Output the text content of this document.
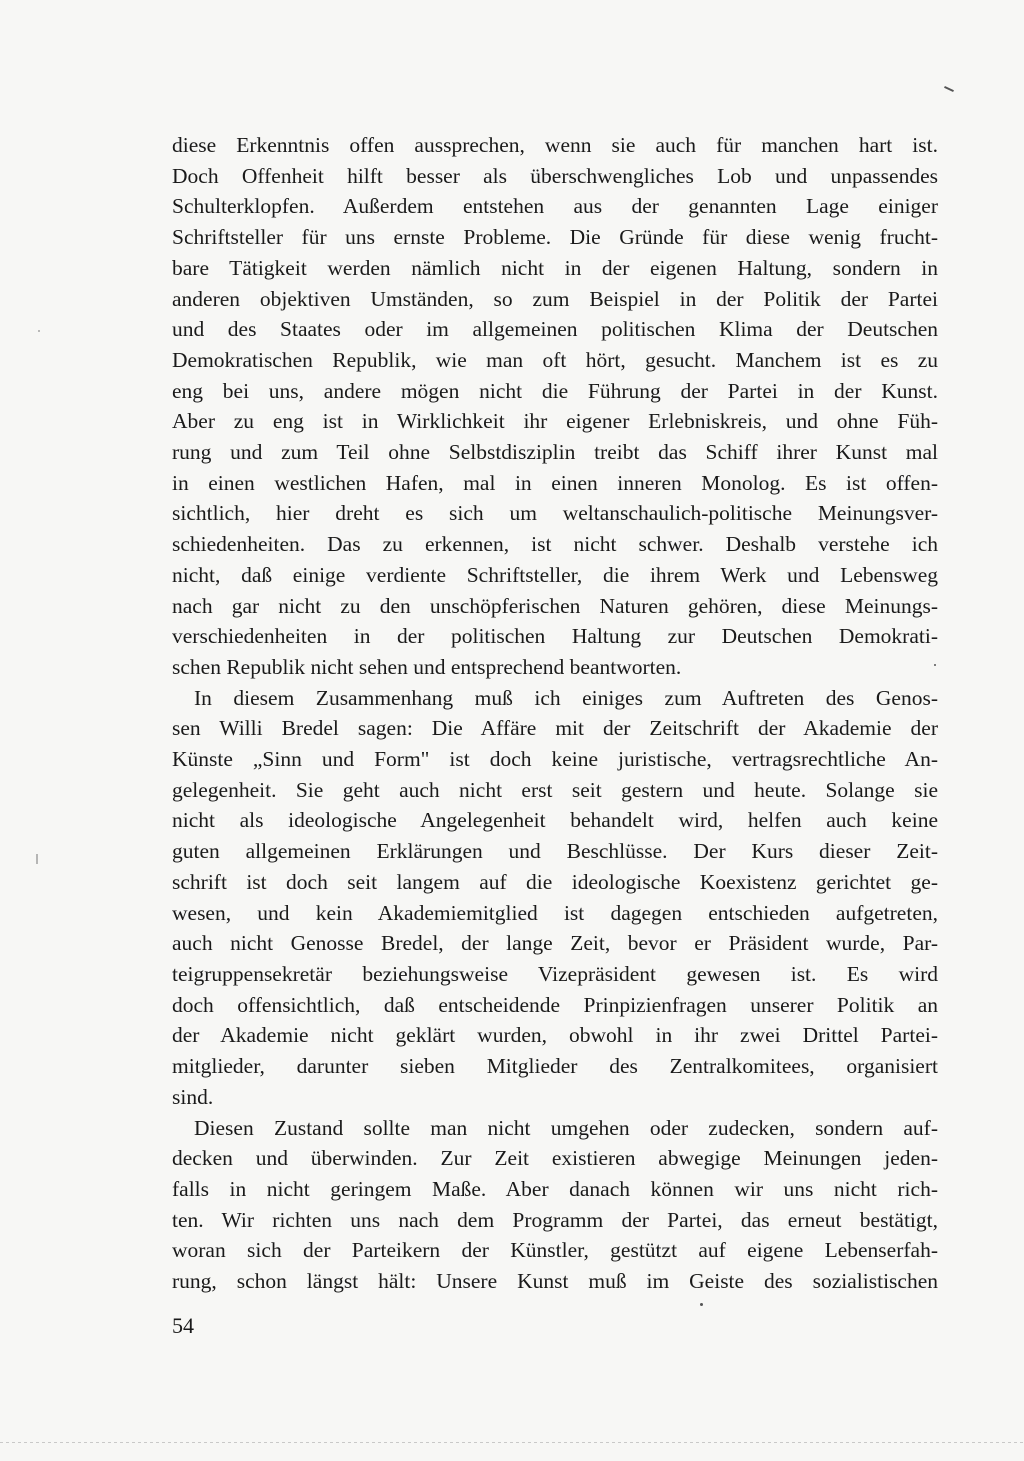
diese Erkenntnis offen aussprechen, wenn sie auch für manchen hart ist.
Doch Offenheit hilft besser als überschwengliches Lob und unpassendes
Schulterklopfen. Außerdem entstehen aus der genannten Lage einiger
Schriftsteller für uns ernste Probleme. Die Gründe für diese wenig frucht-
bare Tätigkeit werden nämlich nicht in der eigenen Haltung, sondern in
anderen objektiven Umständen, so zum Beispiel in der Politik der Partei
und des Staates oder im allgemeinen politischen Klima der Deutschen
Demokratischen Republik, wie man oft hört, gesucht. Manchem ist es zu
eng bei uns, andere mögen nicht die Führung der Partei in der Kunst.
Aber zu eng ist in Wirklichkeit ihr eigener Erlebniskreis, und ohne Füh-
rung und zum Teil ohne Selbstdisziplin treibt das Schiff ihrer Kunst mal
in einen westlichen Hafen, mal in einen inneren Monolog. Es ist offen-
sichtlich, hier dreht es sich um weltanschaulich-politische Meinungsver-
schiedenheiten. Das zu erkennen, ist nicht schwer. Deshalb verstehe ich
nicht, daß einige verdiente Schriftsteller, die ihrem Werk und Lebensweg
nach gar nicht zu den unschöpferischen Naturen gehören, diese Meinungs-
verschiedenheiten in der politischen Haltung zur Deutschen Demokrati-
schen Republik nicht sehen und entsprechend beantworten.
In diesem Zusammenhang muß ich einiges zum Auftreten des Genos-
sen Willi Bredel sagen: Die Affäre mit der Zeitschrift der Akademie der
Künste „Sinn und Form" ist doch keine juristische, vertragsrechtliche An-
gelegenheit. Sie geht auch nicht erst seit gestern und heute. Solange sie
nicht als ideologische Angelegenheit behandelt wird, helfen auch keine
guten allgemeinen Erklärungen und Beschlüsse. Der Kurs dieser Zeit-
schrift ist doch seit langem auf die ideologische Koexistenz gerichtet ge-
wesen, und kein Akademiemitglied ist dagegen entschieden aufgetreten,
auch nicht Genosse Bredel, der lange Zeit, bevor er Präsident wurde, Par-
teigruppensekretär beziehungsweise Vizepräsident gewesen ist. Es wird
doch offensichtlich, daß entscheidende Prinpizienfragen unserer Politik an
der Akademie nicht geklärt wurden, obwohl in ihr zwei Drittel Partei-
mitglieder, darunter sieben Mitglieder des Zentralkomitees, organisiert
sind.
Diesen Zustand sollte man nicht umgehen oder zudecken, sondern auf-
decken und überwinden. Zur Zeit existieren abwegige Meinungen jeden-
falls in nicht geringem Maße. Aber danach können wir uns nicht rich-
ten. Wir richten uns nach dem Programm der Partei, das erneut bestätigt,
woran sich der Parteikern der Künstler, gestützt auf eigene Lebenserfah-
rung, schon längst hält: Unsere Kunst muß im Geiste des sozialistischen
54
